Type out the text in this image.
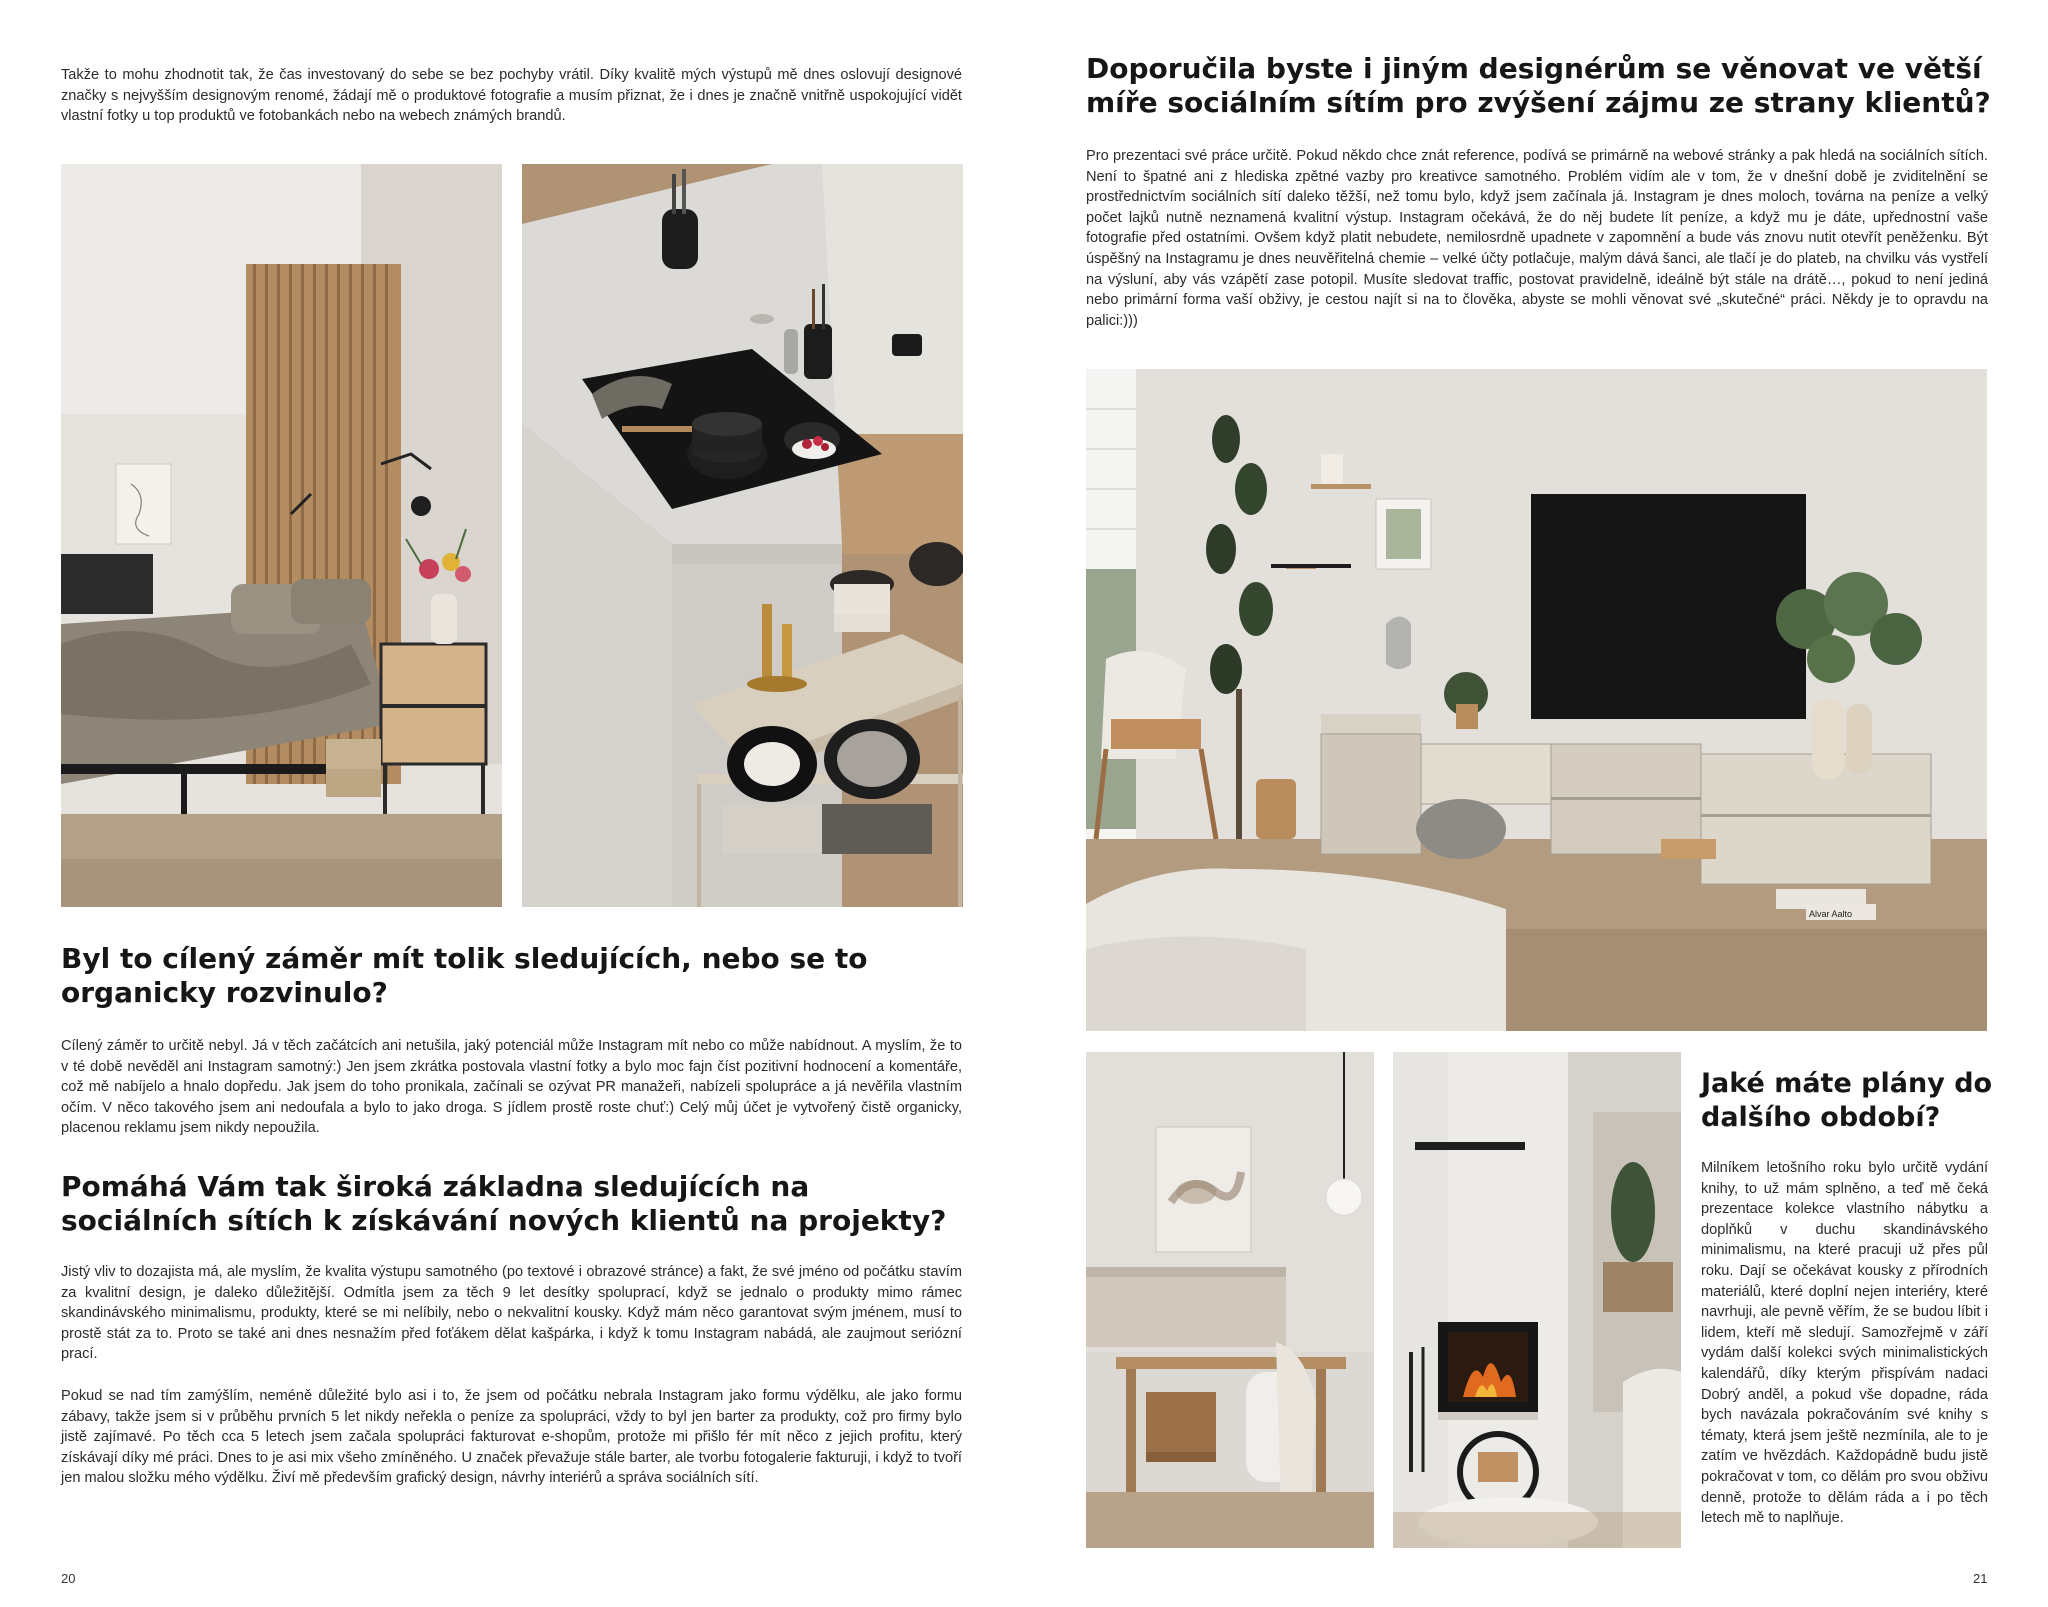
Takže to mohu zhodnotit tak, že čas investovaný do sebe se bez pochyby vrátil. Díky kvalitě mých výstupů mě dnes oslovují designové značky s nejvyšším designovým renomé, žádají mě o produktové fotografie a musím přiznat, že i dnes je značně vnitřně uspokojující vidět vlastní fotky u top produktů ve fotobankách nebo na webech známých brandů.

Byl to cílený záměr mít tolik sledujících, nebo se to organicky rozvinulo?

Cílený záměr to určitě nebyl. Já v těch začátcích ani netušila, jaký potenciál může Instagram mít nebo co může nabídnout. A myslím, že to v té době nevěděl ani Instagram samotný:) Jen jsem zkrátka postovala vlastní fotky a bylo moc fajn číst pozitivní hodnocení a komentáře, což mě nabíjelo a hnalo dopředu. Jak jsem do toho pronikala, začínali se ozývat PR manažeři, nabízeli spolupráce a já nevěřila vlastním očím. V něco takového jsem ani nedoufala a bylo to jako droga. S jídlem prostě roste chuť:) Celý můj účet je vytvořený čistě organicky, placenou reklamu jsem nikdy nepoužila.

Pomáhá Vám tak široká základna sledujících na sociálních sítích k získávání nových klientů na projekty?

Jistý vliv to dozajista má, ale myslím, že kvalita výstupu samotného (po textové i obrazové stránce) a fakt, že své jméno od počátku stavím za kvalitní design, je daleko důležitější. Odmítla jsem za těch 9 let desítky spoluprací, když se jednalo o produkty mimo rámec skandinávského minimalismu, produkty, které se mi nelíbily, nebo o nekvalitní kousky. Když mám něco garantovat svým jménem, musí to prostě stát za to. Proto se také ani dnes nesnažím před foťákem dělat kašpárka, i když k tomu Instagram nabádá, ale zaujmout seriózní prací.

Pokud se nad tím zamýšlím, neméně důležité bylo asi i to, že jsem od počátku nebrala Instagram jako formu výdělku, ale jako formu zábavy, takže jsem si v průběhu prvních 5 let nikdy neřekla o peníze za spolupráci, vždy to byl jen barter za produkty, což pro firmy bylo jistě zajímavé. Po těch cca 5 letech jsem začala spolupráci fakturovat e-shopům, protože mi přišlo fér mít něco z jejich profitu, který získávají díky mé práci. Dnes to je asi mix všeho zmíněného. U značek převažuje stále barter, ale tvorbu fotogalerie fakturuji, i když to tvoří jen malou složku mého výdělku. Živí mě především grafický design, návrhy interiérů a správa sociálních sítí.

20
Doporučila byste i jiným designérům se věnovat ve větší míře sociálním sítím pro zvýšení zájmu ze strany klientů?

Pro prezentaci své práce určitě. Pokud někdo chce znát reference, podívá se primárně na webové stránky a pak hledá na sociálních sítích. Není to špatné ani z hlediska zpětné vazby pro kreativce samotného. Problém vidím ale v tom, že v dnešní době je zviditelnění se prostřednictvím sociálních sítí daleko těžší, než tomu bylo, když jsem začínala já. Instagram je dnes moloch, továrna na peníze a velký počet lajků nutně neznamená kvalitní výstup. Instagram očekává, že do něj budete lít peníze, a když mu je dáte, upřednostní vaše fotografie před ostatními. Ovšem když platit nebudete, nemilosrdně upadnete v zapomnění a bude vás znovu nutit otevřít peněženku. Být úspěšný na Instagramu je dnes neuvěřitelná chemie – velké účty potlačuje, malým dává šanci, ale tlačí je do plateb, na chvilku vás vystřelí na výsluní, aby vás vzápětí zase potopil. Musíte sledovat traffic, postovat pravidelně, ideálně být stále na drátě…, pokud to není jediná nebo primární forma vaší obživy, je cestou najít si na to člověka, abyste se mohli věnovat své „skutečné“ práci. Někdy je to opravdu na palici:)))

Alvar Aalto
Jaké máte plány do dalšího období?

Milníkem letošního roku bylo určitě vydání knihy, to už mám splněno, a teď mě čeká prezentace kolekce vlastního nábytku a doplňků v duchu skandinávského minimalismu, na které pracuji už přes půl roku. Dají se očekávat kousky z přírodních materiálů, které doplní nejen interiéry, které navrhuji, ale pevně věřím, že se budou líbit i lidem, kteří mě sledují. Samozřejmě v září vydám další kolekci svých minimalistických kalendářů, díky kterým přispívám nadaci Dobrý anděl, a pokud vše dopadne, ráda bych navázala pokračováním své knihy s tématy, která jsem ještě nezmínila, ale to je zatím ve hvězdách. Každopádně budu jistě pokračovat v tom, co dělám pro svou obživu denně, protože to dělám ráda a i po těch letech mě to naplňuje.

21
